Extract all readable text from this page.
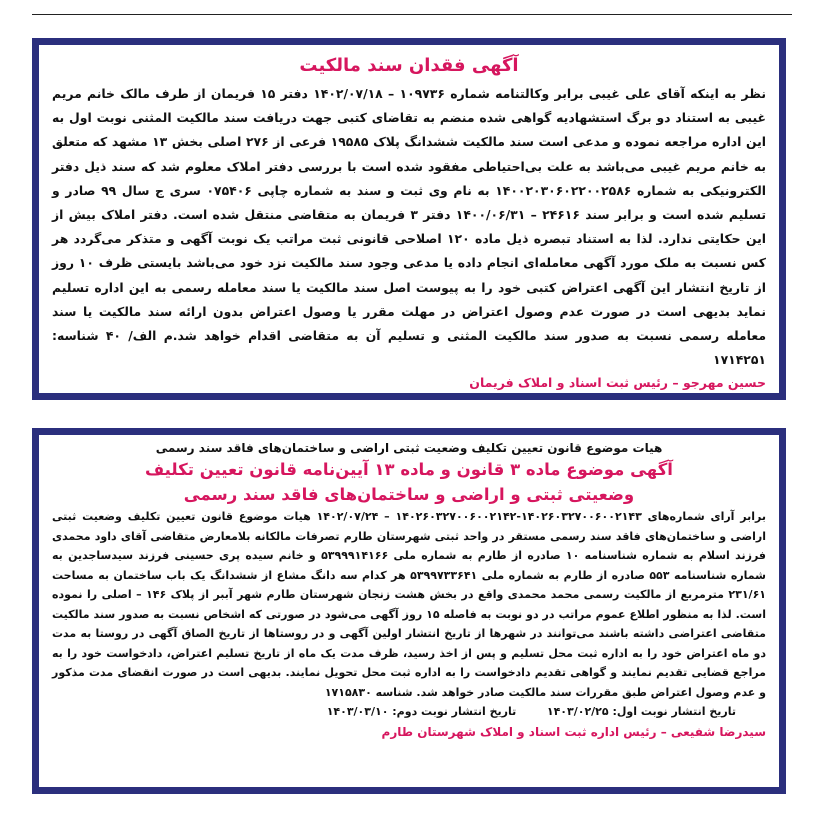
آگهی فقدان سند مالکیت

نظر به اینکه آقای علی غیبی برابر وکالتنامه شماره ۱۰۹۷۳۶ – ۱۴۰۲/۰۷/۱۸ دفتر ۱۵ فریمان از طرف مالک خانم مریم غیبی به استناد دو برگ استشهادیه گواهی شده منضم به تقاضای کتبی جهت دریافت سند مالکیت المثنی نوبت اول به این اداره مراجعه نموده و مدعی است سند مالکیت ششدانگ پلاک ۱۹۵۸۵ فرعی از ۲۷۶ اصلی بخش ۱۳ مشهد که متعلق به خانم مریم غیبی می‌باشد به علت بی‌احتیاطی مفقود شده است با بررسی دفتر املاک معلوم شد که سند ذیل دفتر الکترونیکی به شماره ۱۴۰۰۲۰۳۰۶۰۲۲۰۰۲۵۸۶ به نام وی ثبت و سند به شماره چاپی ۰۷۵۴۰۶ سری ج سال ۹۹ صادر و تسلیم شده است و برابر سند ۲۴۶۱۶ – ۱۴۰۰/۰۶/۳۱ دفتر ۳ فریمان به متقاضی منتقل شده است. دفتر املاک بیش از این حکایتی ندارد. لذا به استناد تبصره ذیل ماده ۱۲۰ اصلاحی قانونی ثبت مراتب یک نوبت آگهی و متذکر می‌گردد هر کس نسبت به ملک مورد آگهی معامله‌ای انجام داده یا مدعی وجود سند مالکیت نزد خود می‌باشد بایستی ظرف ۱۰ روز از تاریخ انتشار این آگهی اعتراض کتبی خود را به پیوست اصل سند مالکیت یا سند معامله رسمی به این اداره تسلیم نماید بدیهی است در صورت عدم وصول اعتراض در مهلت مقرر یا وصول اعتراض بدون ارائه سند مالکیت یا سند معامله رسمی نسبت به صدور سند مالکیت المثنی و تسلیم آن به متقاضی اقدام خواهد شد.م الف/ ۴۰ شناسه: ۱۷۱۴۲۵۱

حسین مهرجو – رئیس ثبت اسناد و املاک فریمان

هیات موضوع قانون تعیین تکلیف وضعیت ثبتی اراضی و ساختمان‌های فاقد سند رسمی

آگهی موضوع ماده ۳ قانون و ماده ۱۳ آیین‌نامه قانون تعیین تکلیف

وضعیتی ثبتی و اراضی و ساختمان‌های فاقد سند رسمی

برابر آرای شماره‌های ۱۴۰۲۶۰۳۲۷۰۰۶۰۰۲۱۴۳-۱۴۰۲۶۰۳۲۷۰۰۶۰۰۲۱۴۲ – ۱۴۰۲/۰۷/۲۴ هیات موضوع قانون تعیین تکلیف وضعیت ثبتی اراضی و ساختمان‌های فاقد سند رسمی مستقر در واحد ثبتی شهرستان طارم تصرفات مالکانه بلامعارض متقاضی آقای داود محمدی فرزند اسلام به شماره شناسنامه ۱۰ صادره از طارم به شماره ملی ۵۳۹۹۹۱۴۱۶۶ و خانم سیده پری حسینی فرزند سیدساجدین به شماره شناسنامه ۵۵۳ صادره از طارم به شماره ملی ۵۳۹۹۷۳۳۶۴۱ هر کدام سه دانگ مشاع از ششدانگ یک باب ساختمان به مساحت ۲۳۱/۶۱ مترمربع از مالکیت رسمی محمد محمدی واقع در بخش هشت زنجان شهرستان طارم شهر آببر از پلاک ۱۴۶ – اصلی را نموده است. لذا به منظور اطلاع عموم مراتب در دو نوبت به فاصله ۱۵ روز آگهی می‌شود در صورتی که اشخاص نسبت به صدور سند مالکیت متقاضی اعتراضی داشته باشند می‌توانند در شهرها از تاریخ انتشار اولین آگهی و در روستاها از تاریخ الصاق آگهی در روستا به مدت دو ماه اعتراض خود را به اداره ثبت محل تسلیم و پس از اخذ رسید، ظرف مدت یک ماه از تاریخ تسلیم اعتراض، دادخواست خود را به مراجع قضایی تقدیم نمایند و گواهی تقدیم دادخواست را به اداره ثبت محل تحویل نمایند. بدیهی است در صورت انقضای مدت مذکور و عدم وصول اعتراض طبق مقررات سند مالکیت صادر خواهد شد. شناسه ۱۷۱۵۸۳۰

تاریخ انتشار نوبت اول: ۱۴۰۳/۰۲/۲۵        تاریخ انتشار نوبت دوم: ۱۴۰۳/۰۳/۱۰

سیدرضا شفیعی – رئیس اداره ثبت اسناد و املاک شهرستان طارم
